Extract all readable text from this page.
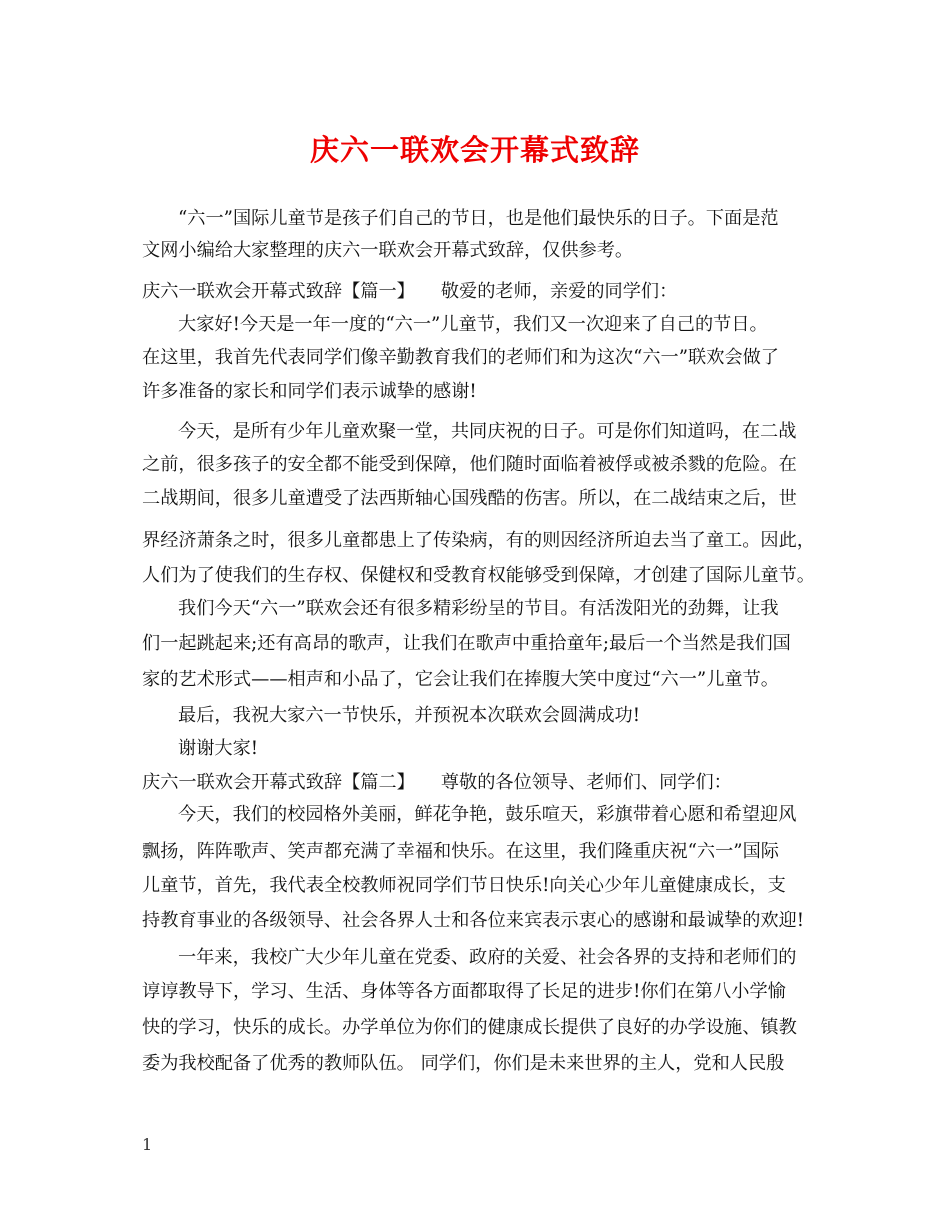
庆六一联欢会开幕式致辞
“六一”国际儿童节是孩子们自己的节日，也是他们最快乐的日子。下面是范
文网小编给大家整理的庆六一联欢会开幕式致辞，仅供参考。
庆六一联欢会开幕式致辞【篇一】 敬爱的老师，亲爱的同学们：
大家好!今天是一年一度的“六一”儿童节，我们又一次迎来了自己的节日。
在这里，我首先代表同学们像辛勤教育我们的老师们和为这次“六一”联欢会做了
许多准备的家长和同学们表示诚挚的感谢!
今天，是所有少年儿童欢聚一堂，共同庆祝的日子。可是你们知道吗，在二战
之前，很多孩子的安全都不能受到保障，他们随时面临着被俘或被杀戮的危险。在
二战期间，很多儿童遭受了法西斯轴心国残酷的伤害。所以，在二战结束之后，世
界经济萧条之时，很多儿童都患上了传染病，有的则因经济所迫去当了童工。因此，
人们为了使我们的生存权、保健权和受教育权能够受到保障，才创建了国际儿童节。
我们今天“六一”联欢会还有很多精彩纷呈的节目。有活泼阳光的劲舞，让我
们一起跳起来;还有高昂的歌声，让我们在歌声中重拾童年;最后一个当然是我们国
家的艺术形式——相声和小品了，它会让我们在捧腹大笑中度过“六一”儿童节。
最后，我祝大家六一节快乐，并预祝本次联欢会圆满成功!
谢谢大家!
庆六一联欢会开幕式致辞【篇二】 尊敬的各位领导、老师们、同学们：
今天，我们的校园格外美丽，鲜花争艳，鼓乐喧天，彩旗带着心愿和希望迎风
飘扬，阵阵歌声、笑声都充满了幸福和快乐。在这里，我们隆重庆祝“六一”国际
儿童节，首先，我代表全校教师祝同学们节日快乐!向关心少年儿童健康成长，支
持教育事业的各级领导、社会各界人士和各位来宾表示衷心的感谢和最诚挚的欢迎!
一年来，我校广大少年儿童在党委、政府的关爱、社会各界的支持和老师们的
谆谆教导下，学习、生活、身体等各方面都取得了长足的进步!你们在第八小学愉
快的学习，快乐的成长。办学单位为你们的健康成长提供了良好的办学设施、镇教
委为我校配备了优秀的教师队伍。 同学们，你们是未来世界的主人，党和人民殷
1
